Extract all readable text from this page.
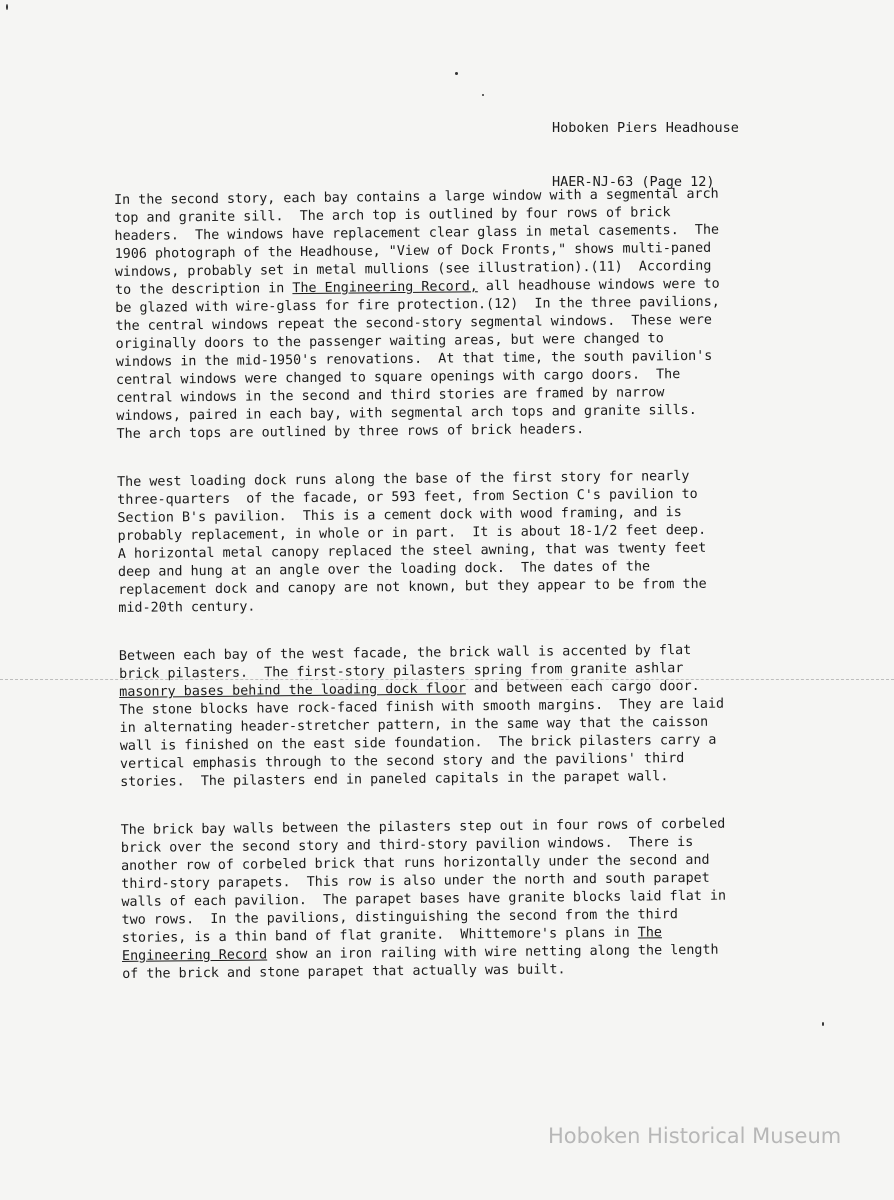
Hoboken Piers Headhouse

HAER-NJ-63 (Page 12)

In the second story, each bay contains a large window with a segmental arch
top and granite sill.  The arch top is outlined by four rows of brick
headers.  The windows have replacement clear glass in metal casements.  The
1906 photograph of the Headhouse, "View of Dock Fronts," shows multi-paned
windows, probably set in metal mullions (see illustration).(11)  According
to the description in The Engineering Record, all headhouse windows were to
be glazed with wire-glass for fire protection.(12)  In the three pavilions,
the central windows repeat the second-story segmental windows.  These were
originally doors to the passenger waiting areas, but were changed to
windows in the mid-1950's renovations.  At that time, the south pavilion's
central windows were changed to square openings with cargo doors.  The
central windows in the second and third stories are framed by narrow
windows, paired in each bay, with segmental arch tops and granite sills.
The arch tops are outlined by three rows of brick headers.
The west loading dock runs along the base of the first story for nearly
three-quarters  of the facade, or 593 feet, from Section C's pavilion to
Section B's pavilion.  This is a cement dock with wood framing, and is
probably replacement, in whole or in part.  It is about 18-1/2 feet deep.
A horizontal metal canopy replaced the steel awning, that was twenty feet
deep and hung at an angle over the loading dock.  The dates of the
replacement dock and canopy are not known, but they appear to be from the
mid-20th century.
Between each bay of the west facade, the brick wall is accented by flat
brick pilasters.  The first-story pilasters spring from granite ashlar
masonry bases behind the loading dock floor and between each cargo door.
The stone blocks have rock-faced finish with smooth margins.  They are laid
in alternating header-stretcher pattern, in the same way that the caisson
wall is finished on the east side foundation.  The brick pilasters carry a
vertical emphasis through to the second story and the pavilions' third
stories.  The pilasters end in paneled capitals in the parapet wall.
The brick bay walls between the pilasters step out in four rows of corbeled
brick over the second story and third-story pavilion windows.  There is
another row of corbeled brick that runs horizontally under the second and
third-story parapets.  This row is also under the north and south parapet
walls of each pavilion.  The parapet bases have granite blocks laid flat in
two rows.  In the pavilions, distinguishing the second from the third
stories, is a thin band of flat granite.  Whittemore's plans in The
Engineering Record show an iron railing with wire netting along the length
of the brick and stone parapet that actually was built.
Hoboken Historical Museum
